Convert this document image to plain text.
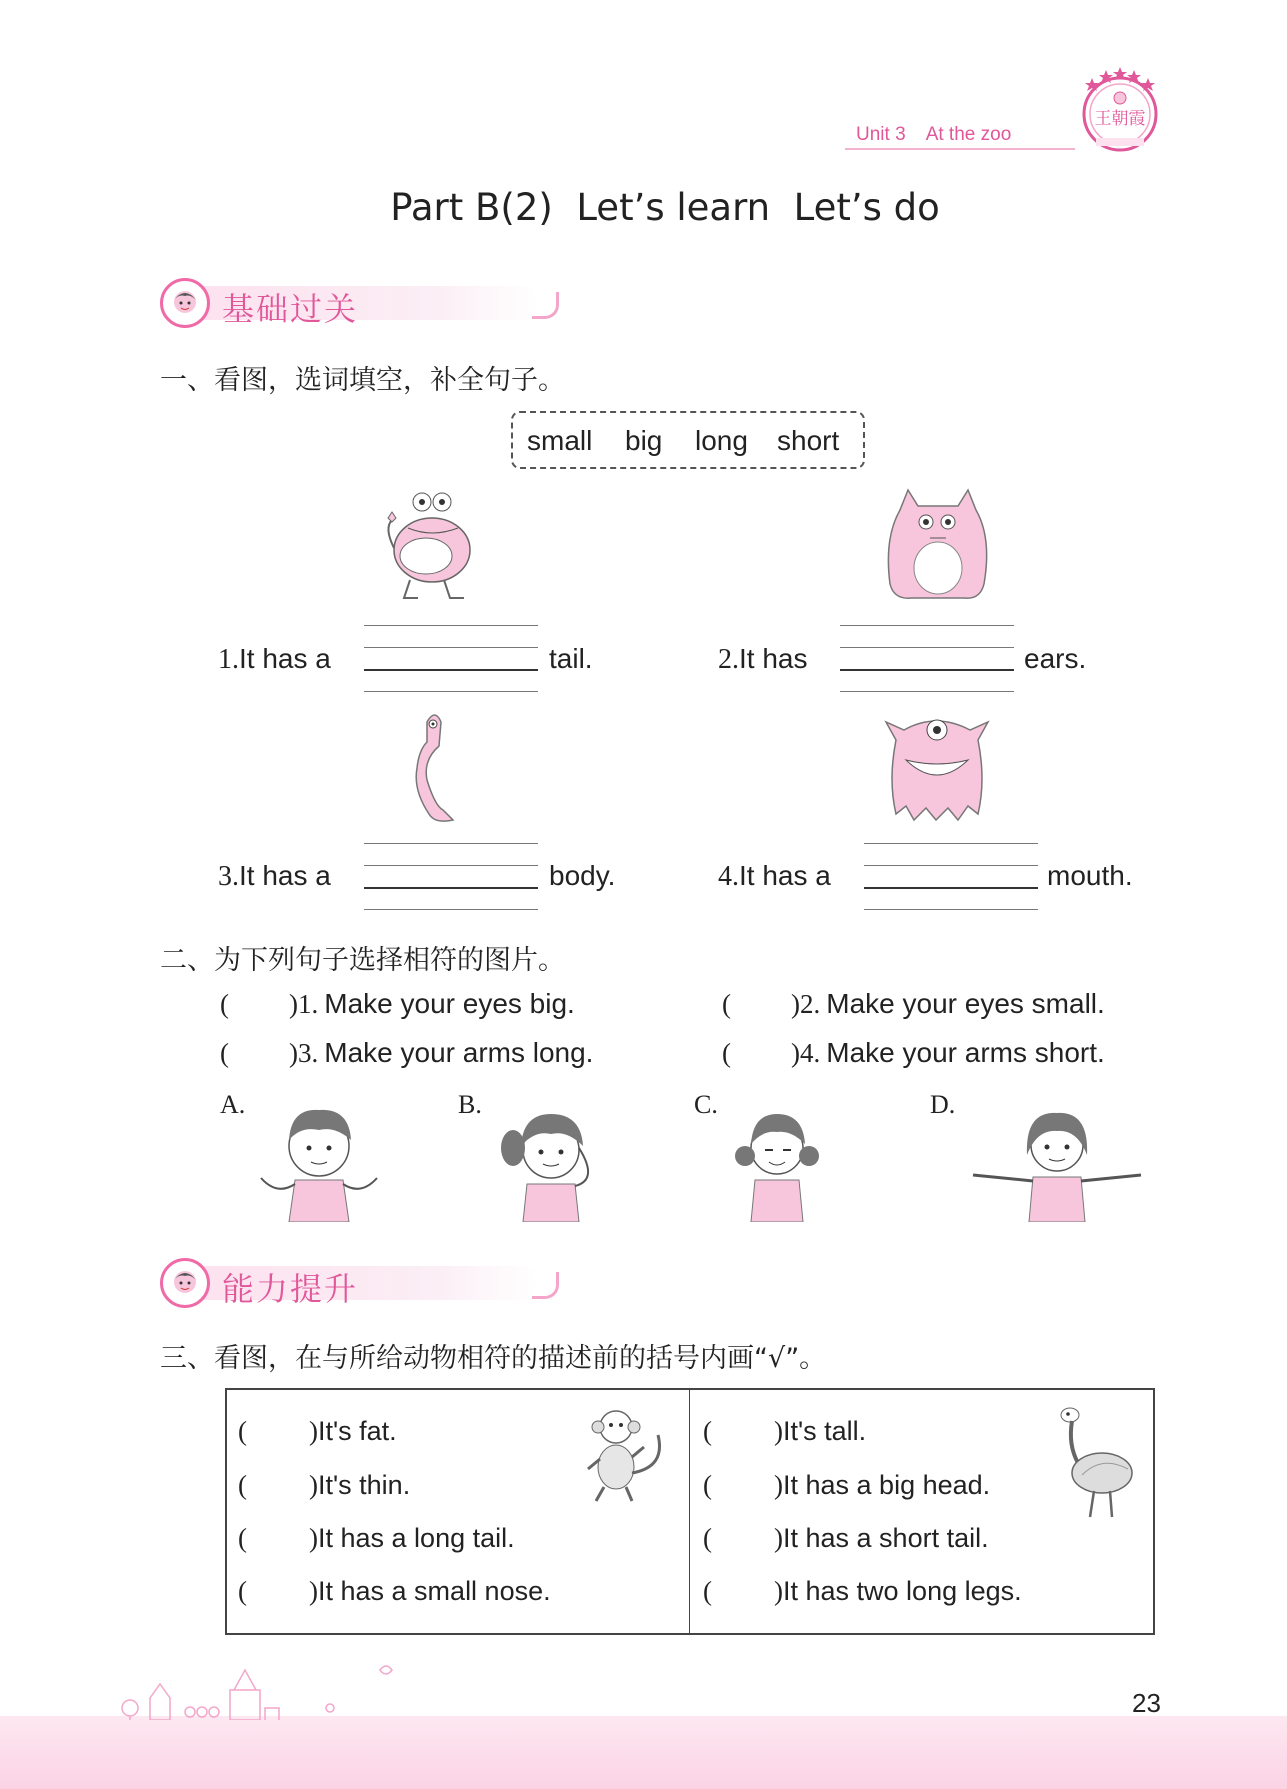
Unit 3    At the zoo
王朝霞
Part B(2)  Let’s learn  Let’s do
基础过关
一、看图，选词填空，补全句子。
small big long short
1.It has a	tail.	2.It has	ears.
3.It has a	body.	4.It has a	mouth.
二、为下列句子选择相符的图片。
( )1. Make your eyes big.	( )2. Make your eyes small.
( )3. Make your arms long.	( )4. Make your arms short.
A.	B.	C.	D.
能力提升
三、看图，在与所给动物相符的描述前的括号内画“√”。
( )It's fat.
( )It's thin.
( )It has a long tail.
( )It has a small nose.
( )It's tall.
( )It has a big head.
( )It has a short tail.
( )It has two long legs.
23
